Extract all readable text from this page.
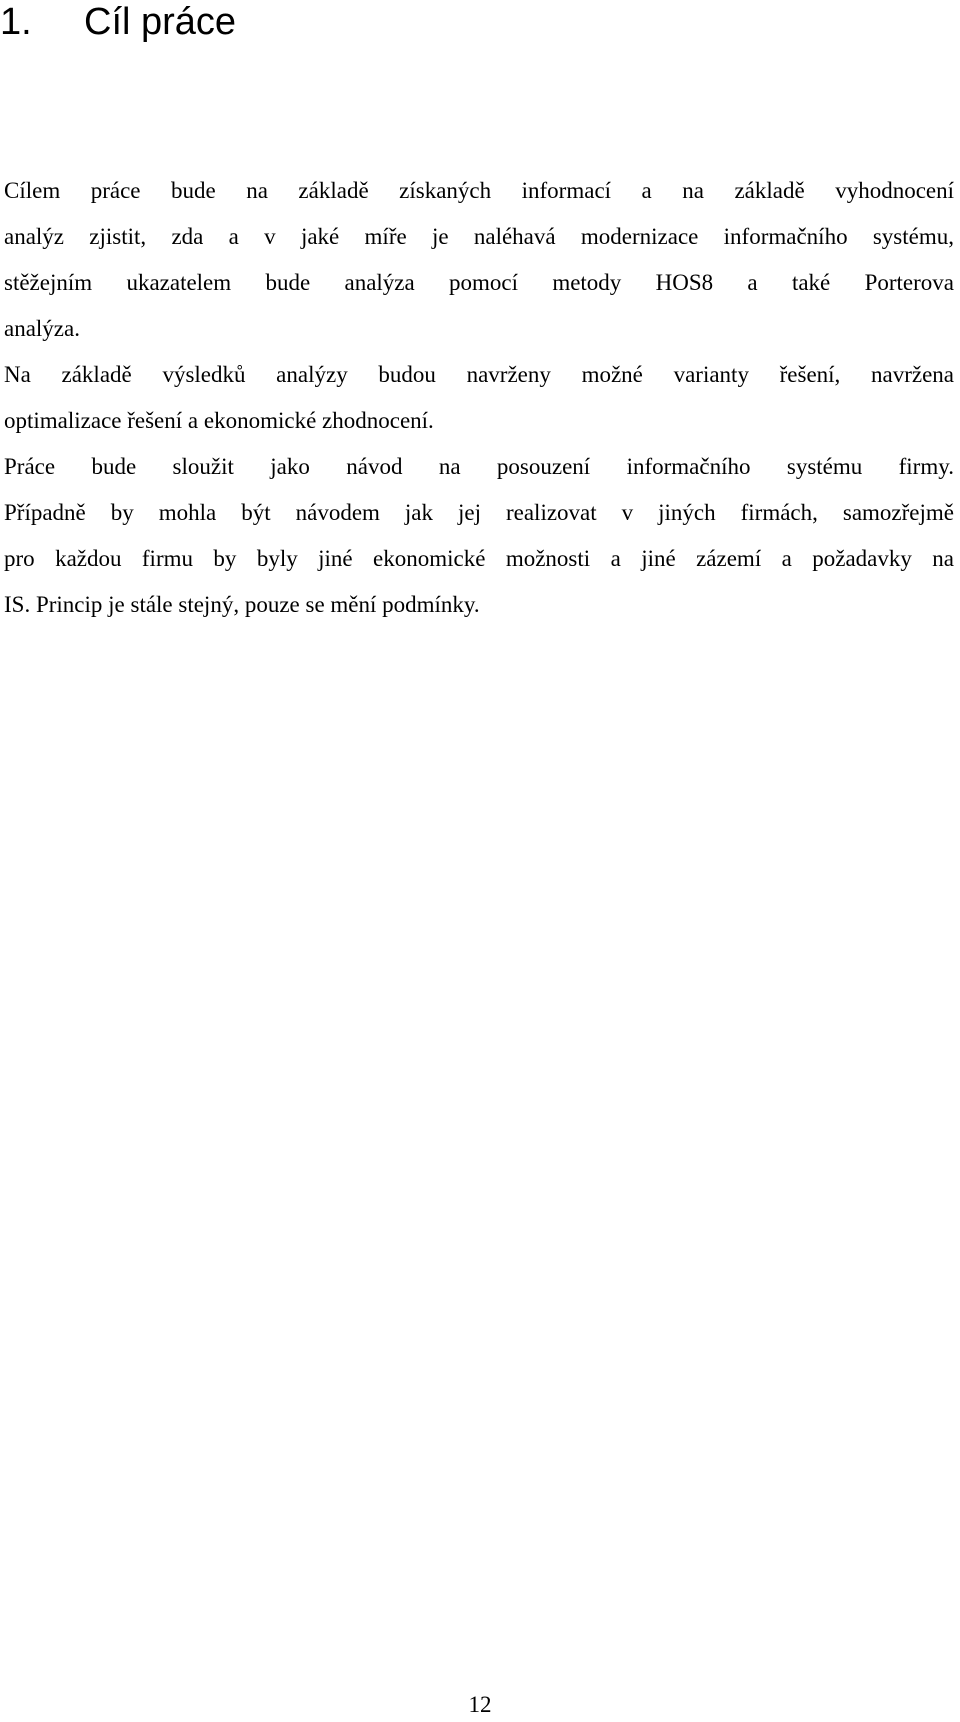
1. Cíl práce
Cílem práce bude na základě získaných informací a na základě vyhodnocení
analýz zjistit, zda a v jaké míře je naléhavá modernizace informačního systému,
stěžejním ukazatelem bude analýza pomocí metody HOS8 a také Porterova
analýza.
Na základě výsledků analýzy budou navrženy možné varianty řešení, navržena
optimalizace řešení a ekonomické zhodnocení.
Práce bude sloužit jako návod na posouzení informačního systému firmy.
Případně by mohla být návodem jak jej realizovat v jiných firmách, samozřejmě
pro každou firmu by byly jiné ekonomické možnosti a jiné zázemí a požadavky na
IS. Princip je stále stejný, pouze se mění podmínky.
12
